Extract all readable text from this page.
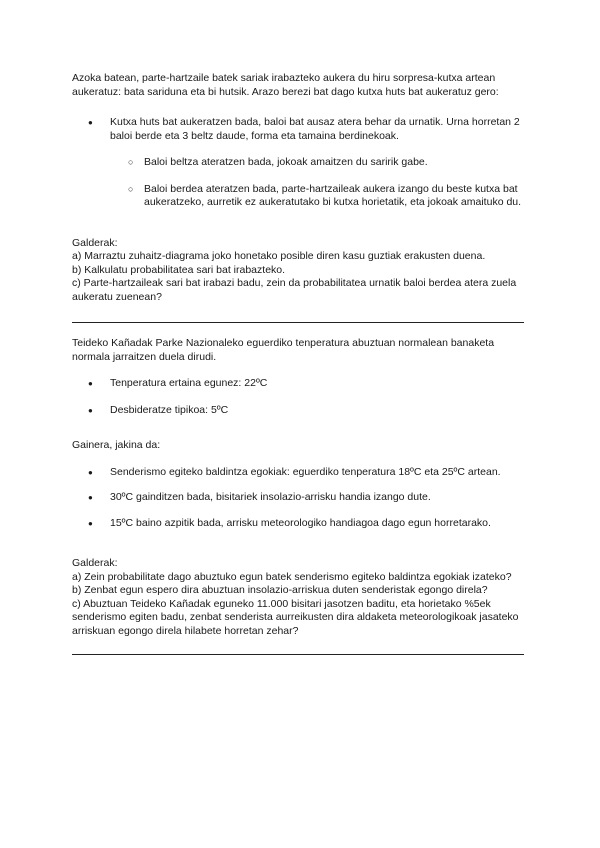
Azoka batean, parte-hartzaile batek sariak irabazteko aukera du hiru sorpresa-kutxa artean aukeratuz: bata sariduna eta bi hutsik. Arazo berezi bat dago kutxa huts bat aukeratuz gero:

● Kutxa huts bat aukeratzen bada, baloi bat ausaz atera behar da urnatik. Urna horretan 2 baloi berde eta 3 beltz daude, forma eta tamaina berdinekoak.
○ Baloi beltza ateratzen bada, jokoak amaitzen du saririk gabe.
○ Baloi berdea ateratzen bada, parte-hartzaileak aukera izango du beste kutxa bat aukeratzeko, aurretik ez aukeratutako bi kutxa horietatik, eta jokoak amaituko du.

Galderak:

a) Marraztu zuhaitz-diagrama joko honetako posible diren kasu guztiak erakusten duena.

b) Kalkulatu probabilitatea sari bat irabazteko.

c) Parte-hartzaileak sari bat irabazi badu, zein da probabilitatea urnatik baloi berdea atera zuela aukeratu zuenean?

Teideko Kañadak Parke Nazionaleko eguerdiko tenperatura abuztuan normalean banaketa normala jarraitzen duela dirudi.

● Tenperatura ertaina egunez: 22ºC
● Desbideratze tipikoa: 5ºC

Gainera, jakina da:

● Senderismo egiteko baldintza egokiak: eguerdiko tenperatura 18ºC eta 25ºC artean.
● 30ºC gainditzen bada, bisitariek insolazio-arrisku handia izango dute.
● 15ºC baino azpitik bada, arrisku meteorologiko handiagoa dago egun horretarako.

Galderak:

a) Zein probabilitate dago abuztuko egun batek senderismo egiteko baldintza egokiak izateko?

b) Zenbat egun espero dira abuztuan insolazio-arriskua duten senderistak egongo direla?

c) Abuztuan Teideko Kañadak eguneko 11.000 bisitari jasotzen baditu, eta horietako %5ek senderismo egiten badu, zenbat senderista aurreikusten dira aldaketa meteorologikoak jasateko arriskuan egongo direla hilabete horretan zehar?
